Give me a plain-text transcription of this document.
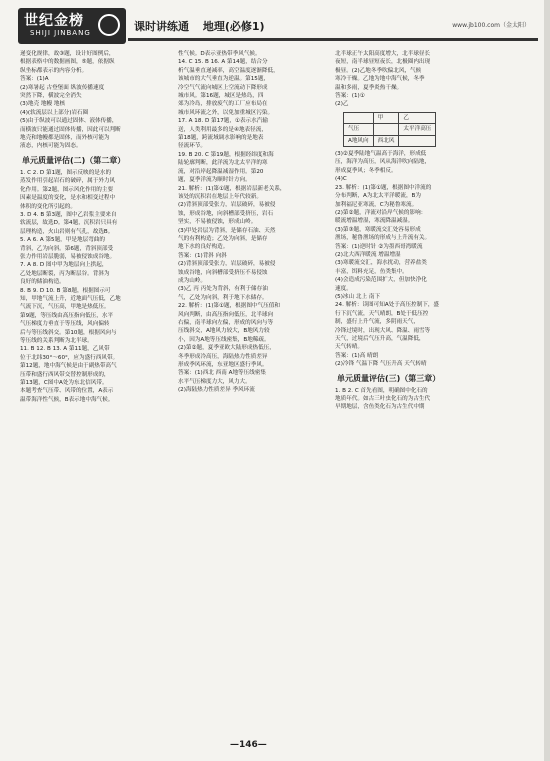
世纪金榜
SHIJI JINBANG	课时讲练通 地理(必修1)	www.jb100.com（金太阳）

递变化规律，故③题，设计好图例后，

根据表格中的数据画图，⑤题，依据纵

纵坐标都表示的内容分析。

答案：(1)A

(2)寒暑起 古登堡面 纵波传播速度

突然下降，横波完全消失

(3)地壳 地幔 地核

(4)(软流层以上部分)岩石圈

(5)由于纵波可以通过固体、液体传播，

而横波只能通过固体传播，因此可以判断

地壳和地幔都是固体，而外核可能为

液态，内核可能为固态。

单元质量评估(二)（第二章）

1. C 2. D 第1题，图示反映的是水的

蒸发作用引起岩石的破碎，属于外力风

化作用。第2题，图示风化作用的主要

因素是温度的变化，是水和相变过程中

体积的变化所引起的。

3. D 4. B 第3题，图中乙岩浆主要来自

软流层，故选D。第4题，沉积岩只具有

层理构造，火山岩则有气孔，故选B。

5. A 6. A 第5题，甲是地层弯曲的

背斜，乙为向斜。第6题，背斜顶部受

张力作用岩层脆弱，易被侵蚀成谷地。

7. A 8. D 图中甲为地层向上拱起，

乙处地层断裂，丙为断层谷。背斜为

良好的储油构造。

8. B 9. D 10. B 第8题，根据图示可

知，甲地气流上升，近地面气压低，乙地

气流下沉，气压高，甲地是热低压。

第9题，等压线由高压指向低压，水平

气压梯度力垂直于等压线，风向偏转

后与等压线斜交。第10题，根据风向与

等压线的关系判断为北半球。

11. B 12. B 13. A 第11题，乙风带

位于北纬30°～60°，应为盛行西风带。

第12题，地中海气候是由于副热带高气

压带和盛行西风带交替控制形成的，

第13题，C图中A处为东北信风带。

本题考查气压带、风带的位置，A表示

温带海洋性气候，B表示地中海气候。

性气候。D表示亚热带季风气候。

14. C 15. B 16. A 第14题，结合分

析气温垂直递减率，高空温度逐渐降低，

该城市的大气垂直为逆温。第15题，

冷空气气流向城区上空流动下降形成

城市风。第16题，城区是热岛，四

郊为冷岛，排放废气的工厂应布局在

城市风环流之外，以免加重城区污染。

17. A 18. D 第17题，①表示水汽输

送，人类利用最多的是④地表径流，

第18题，跨流域调水影响的是地表

径流环节。

19. B 20. C 第19题，根据经纬度和海

陆轮廓判断，此洋流为北太平洋的寒

流，对沿岸起降温减湿作用。第20

题，夏季洋流为顺时针方向。

21. 解析：(1)第①题，根据岩层新老关系，

该处的沉积岩在地层上年代较新。

(2)背斜顶部受张力，岩层破碎，易被侵

蚀，形成谷地，向斜槽部受挤压，岩石

坚实，不易被侵蚀，形成山岭。

(3)甲处岩层为背斜，是储存石油、天然

气的有利构造；乙处为向斜，是储存

地下水的良好构造。

答案：(1)背斜 向斜

(2)背斜顶部受张力，岩层破碎，易被侵

蚀成谷地，向斜槽部受挤压不易侵蚀

成为山岭。

(3)乙 丙 丙处为背斜，有利于储存油

气，乙处为向斜，利于地下水储存。

22. 解析：(1)第①题，根据图中气压值和

风向判断，由高压指向低压，北半球向

右偏，南半球向左偏，形成的风向与等

压线斜交，A地风力较大，B地风力较

小，因为A地等压线密集，B地稀疏。

(2)第②题，夏季亚欧大陆形成热低压，

冬季形成冷高压，海陆热力性质差异

形成季风环流，东亚地区盛行季风。

答案：(1)西北 西南 A地等压线密集

水平气压梯度力大，风力大。

(2)海陆热力性质差异 季风环流

北半球正午太阳高度增大，北半球昼长

夜短，南半球昼短夜长，北极圈内出现

极昼。(2)乙地冬季吹偏北风，气候

寒冷干燥。乙地为地中海气候，冬季

温和多雨，夏季炎热干燥。

答案：(1)①

(2)乙

	甲	乙
气压		太平洋高压
A地风向	西北风	

(3)②夏季陆地气温高于海洋，形成低

压，海洋为高压，风从海洋吹向陆地，

形成夏季风；冬季相反。

(4)C

23. 解析：(1)第①题，根据图中洋流的

分布判断，A为北太平洋暖流，B为

加利福尼亚寒流，C为秘鲁寒流。

(2)第②题，洋流对沿岸气候的影响：

暖流增温增湿，寒流降温减湿。

(3)第③题，寒暖流交汇处容易形成

渔场，秘鲁渔场的形成与上升流有关。

答案：(1)逆时针 ②为墨西哥湾暖流

(2)北大西洋暖流 增温增湿

(3)寒暖流交汇，海水扰动，营养盐类

丰富，饵料充足，鱼类集中。

(4)会造成污染范围扩大，但加快净化

速度。

(5)冰山 北上 南下

24. 解析：读图可知A处于高压控制下，盛

行下沉气流，天气晴朗，B处于低压控

制，盛行上升气流，多阴雨天气，

冷锋过境时，出现大风、降温、雨雪等

天气，过境后气压升高，气温降低，

天气转晴。

答案：(1)高 晴朗

(2)冷锋 气温下降 气压升高 天气转晴

单元质量评估(三)（第三章）

1. B 2. C 首先看图，明确图中化石的

地质年代。如古三叶虫化石的为古生代

早期地层，含鱼类化石为古生代中期

—146—
